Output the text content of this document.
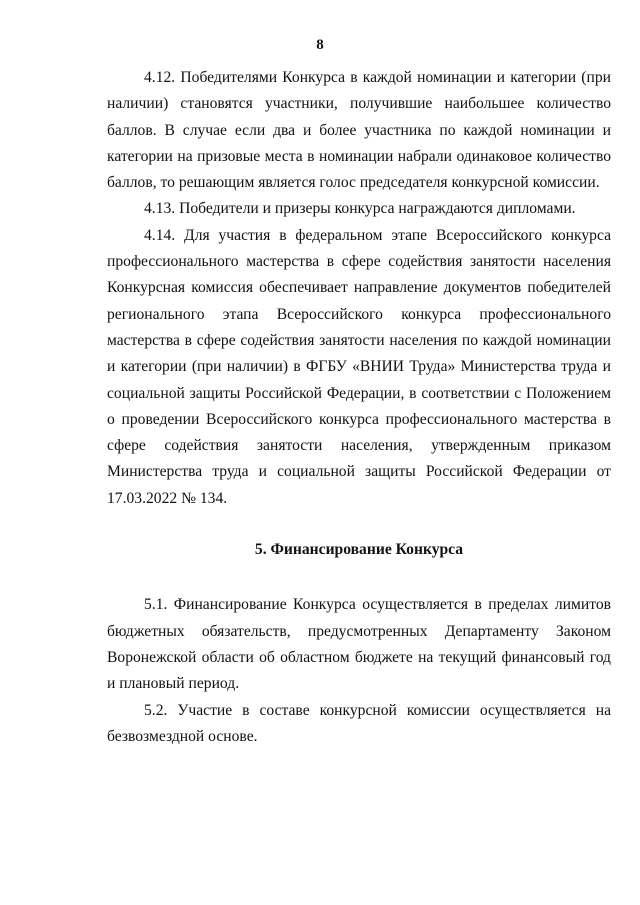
8

4.12. Победителями Конкурса в каждой номинации и категории (при наличии) становятся участники, получившие наибольшее количество баллов. В случае если два и более участника по каждой номинации и категории на призовые места в номинации набрали одинаковое количество баллов, то решающим является голос председателя конкурсной комиссии.

4.13. Победители и призеры конкурса награждаются дипломами.

4.14. Для участия в федеральном этапе Всероссийского конкурса профессионального мастерства в сфере содействия занятости населения Конкурсная комиссия обеспечивает направление документов победителей регионального этапа Всероссийского конкурса профессионального мастерства в сфере содействия занятости населения по каждой номинации и категории (при наличии) в ФГБУ «ВНИИ Труда» Министерства труда и социальной защиты Российской Федерации, в соответствии с Положением о проведении Всероссийского конкурса профессионального мастерства в сфере содействия занятости населения, утвержденным приказом Министерства труда и социальной защиты Российской Федерации от 17.03.2022 № 134.

5. Финансирование Конкурса

5.1. Финансирование Конкурса осуществляется в пределах лимитов бюджетных обязательств, предусмотренных Департаменту Законом Воронежской области об областном бюджете на текущий финансовый год и плановый период.

5.2. Участие в составе конкурсной комиссии осуществляется на безвозмездной основе.
